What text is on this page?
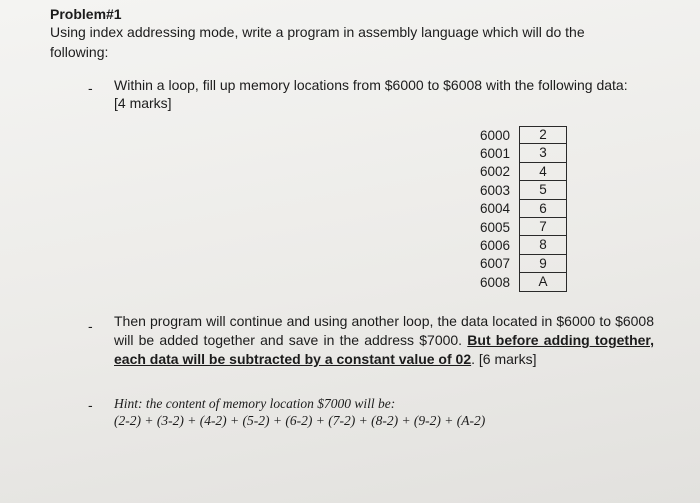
Problem#1
Using index addressing mode, write a program in assembly language which will do the following:
- Within a loop, fill up memory locations from $6000 to $6008 with the following data:
[4 marks]
6000	2
6001	3
6002	4
6003	5
6004	6
6005	7
6006	8
6007	9
6008	A
- Then program will continue and using another loop, the data located in $6000 to $6008 will be added together and save in the address $7000. But before adding together, each data will be subtracted by a constant value of 02. [6 marks]
- Hint: the content of memory location $7000 will be:
(2-2) + (3-2) + (4-2) + (5-2) + (6-2) + (7-2) + (8-2) + (9-2) + (A-2)
